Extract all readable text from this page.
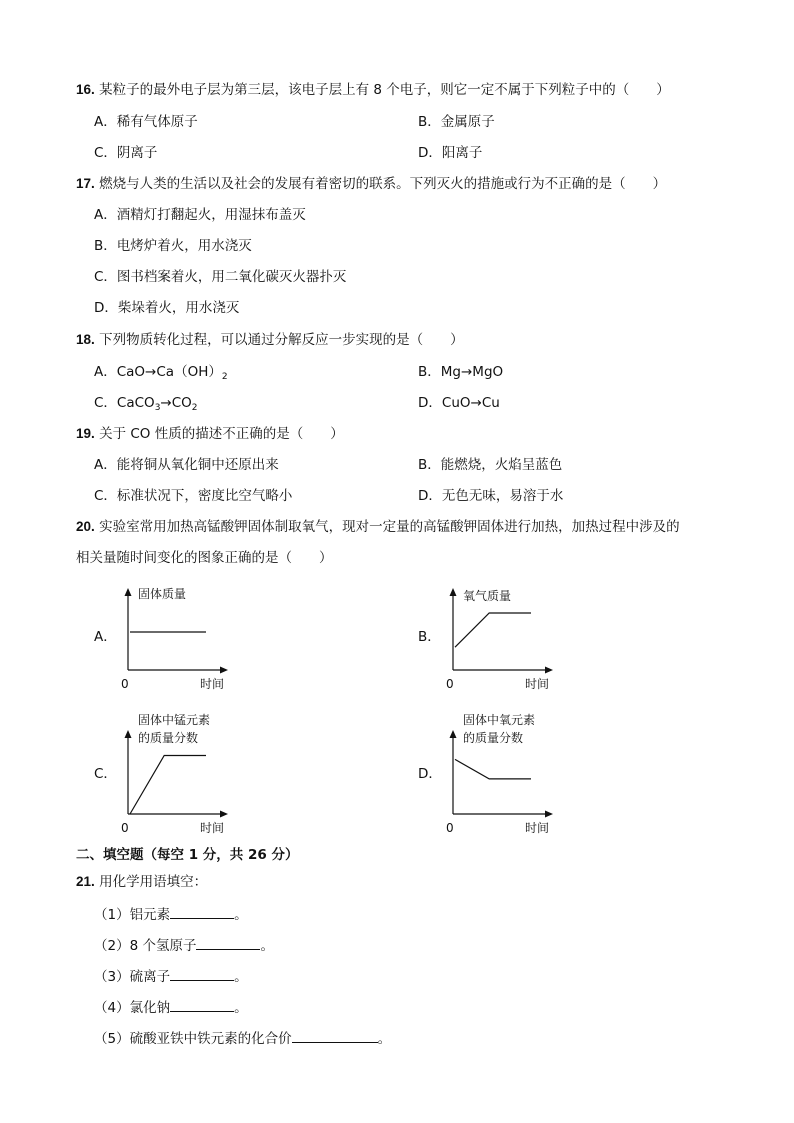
16. 某粒子的最外电子层为第三层，该电子层上有 8 个电子，则它一定不属于下列粒子中的（　　）
A．稀有气体原子	B．金属原子
C．阴离子	D．阳离子
17. 燃烧与人类的生活以及社会的发展有着密切的联系。下列灭火的措施或行为不正确的是（　　）
A．酒精灯打翻起火，用湿抹布盖灭
B．电烤炉着火，用水浇灭
C．图书档案着火，用二氧化碳灭火器扑灭
D．柴垛着火，用水浇灭
18. 下列物质转化过程，可以通过分解反应一步实现的是（　　）
A．$CaO\to Ca(OH)_2$	B．Mg→MgO
C．$CaCO_3\to CO_2$	D．CuO→Cu
19. 关于 CO 性质的描述不正确的是（　　）
A．能将铜从氧化铜中还原出来	B．能燃烧，火焰呈蓝色
C．标准状况下，密度比空气略小	D．无色无味，易溶于水
20. 实验室常用加热高锰酸钾固体制取氧气，现对一定量的高锰酸钾固体进行加热，加热过程中涉及的
相关量随时间变化的图象正确的是（　　）
A．	B．
C．	D．
固体质量
时间
0
氧气质量
时间
0
固体中锰元素
的质量分数
时间
0
固体中氧元素
的质量分数
时间
0
二、填空题（每空 1 分，共 26 分）
21. 用化学用语填空：
（1）铝元素	。
（2）8 个氢原子	。
（3）硫离子	。
（4）氯化钠	。
（5）硫酸亚铁中铁元素的化合价	。
